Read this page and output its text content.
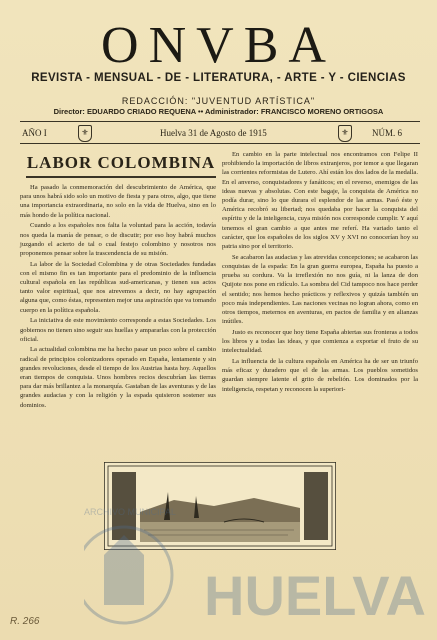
ONVBA
REVISTA - MENSUAL - DE - LITERATURA, - ARTE - Y - CIENCIAS
REDACCIÓN: "JUVENTUD ARTÍSTICA"
Director: EDUARDO CRIADO REQUENA •• Administrador: FRANCISCO MORENO ORTIGOSA
AÑO I	⚜	Huelva 31 de Agosto de 1915	⚜	NÚM. 6
LABOR COLOMBINA

Ha pasado la conmemoración del descubrimiento de América, que para unos habrá sido solo un motivo de fiesta y para otros, algo, que tiene una importancia extraordinaria, no solo en la vida de Huelva, sino en lo más hondo de la política nacional.

Cuando a los españoles nos falta la voluntad para la acción, todavía nos queda la manía de pensar, o de discutir; por eso hoy habrá muchos juzgando el acierto de tal o cual festejo colombino y nosotros nos proponemos pensar sobre la trascendencia de su misión.

La labor de la Sociedad Colombina y de otras Sociedades fundadas con el mismo fin es tan importante para el predominio de la influencia cultural española en las repúblicas sud-americanas, y tienen sus actos tanto valor espiritual, que nos atrevemos a decir, no hay agrupación alguna que, como éstas, representen mejor una aspiración que va tomando cuerpo en la política española.

La iniciativa de este movimiento corresponde a estas Sociedades. Los gobiernos no tienen sino seguir sus huellas y ampararlas con la protección oficial.

La actualidad colombina me ha hecho pasar un poco sobre el cambio radical de principios colonizadores operado en España, lentamente y sin grandes revoluciones, desde el tiempo de los Austrias hasta hoy. Aquellos eran tiempos de conquista. Unos hombres recios descubrían las tierras para dar más brillantez a la monarquía. Gastaban de las aventuras y de las grandes audacias y con la religión y la espada quisieron sostener sus dominios.

En cambio en la parte intelectual nos encontramos con Felipe II prohibiendo la importación de libros extranjeros, por temor a que llegaran las corrientes reformistas de Lutero. Ahí están los dos lados de la medalla. En el anverso, conquistadores y fanáticos; en el reverso, enemigos de las ideas nuevas y absolutas. Con este bagaje, la conquista de América no podía durar, sino lo que durara el esplendor de las armas. Pasó éste y América recobró su libertad; nos quedaba por hacer la conquista del espíritu y de la inteligencia, cuya misión nos corresponde cumplir. Y aquí tenemos el gran cambio a que antes me referí. Ha variado tanto el carácter, que los españoles de los siglos XV y XVI no conocerían hoy su patria sino por el territorio.

Se acabaron las audacias y las atrevidas concepciones; se acabaron las conquistas de la espada: En la gran guerra europea, España ha puesto a prueba su cordura. Va la irreflexión no nos guía, ni la lanza de don Quijote nos pone en ridículo. La sombra del Cid tampoco nos hace perder el sentido; nos hemos hecho prácticos y reflexivos y quizás también un poco más independientes. Las naciones vecinas no logran ahora, como en otros tiempos, meternos en aventuras, en pactos de familia y en alianzas inútiles.

Justo es reconocer que hoy tiene España abiertas sus fronteras a todos los libros y a todas las ideas, y que comienza a exportar el fruto de su intelectualidad.

La influencia de la cultura española en América ha de ser un triunfo más eficaz y duradero que el de las armas. Los pueblos sometidos guardan siempre latente el grito de rebelión. Los dominados por la inteligencia, respetan y reconocen la superiori-

HUELVA
ARCHIVO MUNICIPAL
R. 266
